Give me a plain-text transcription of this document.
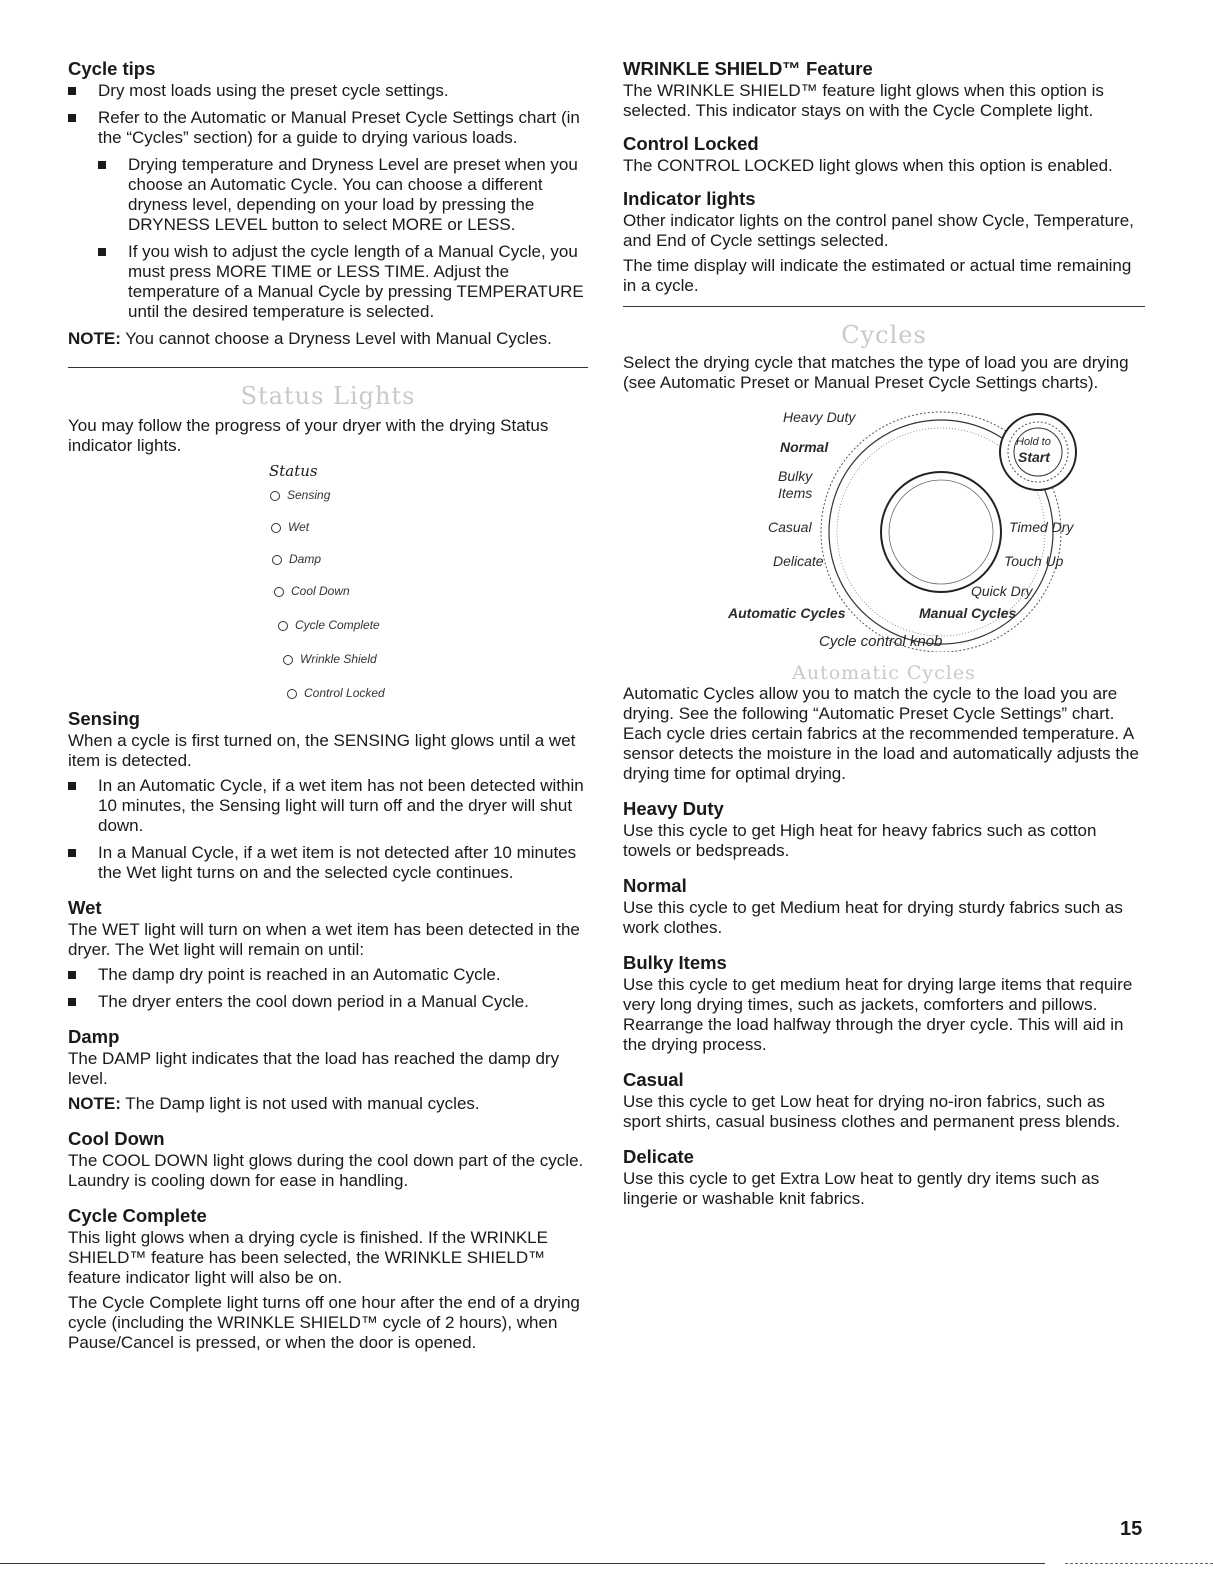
Cycle tips
Dry most loads using the preset cycle settings.
Refer to the Automatic or Manual Preset Cycle Settings chart (in the “Cycles” section) for a guide to drying various loads.
Drying temperature and Dryness Level are preset when you choose an Automatic Cycle. You can choose a different dryness level, depending on your load by pressing the DRYNESS LEVEL button to select MORE or LESS.
If you wish to adjust the cycle length of a Manual Cycle, you must press MORE TIME or LESS TIME. Adjust the temperature of a Manual Cycle by pressing TEMPERATURE until the desired temperature is selected.

NOTE: You cannot choose a Dryness Level with Manual Cycles.

Status Lights

You may follow the progress of your dryer with the drying Status indicator lights.

Status
Sensing
Wet
Damp
Cool Down
Cycle Complete
Wrinkle Shield
Control Locked
Sensing

When a cycle is first turned on, the SENSING light glows until a wet item is detected.

In an Automatic Cycle, if a wet item has not been detected within 10 minutes, the Sensing light will turn off and the dryer will shut down.
In a Manual Cycle, if a wet item is not detected after 10 minutes the Wet light turns on and the selected cycle continues.
Wet

The WET light will turn on when a wet item has been detected in the dryer. The Wet light will remain on until:

The damp dry point is reached in an Automatic Cycle.
The dryer enters the cool down period in a Manual Cycle.
Damp

The DAMP light indicates that the load has reached the damp dry level.

NOTE: The Damp light is not used with manual cycles.

Cool Down

The COOL DOWN light glows during the cool down part of the cycle. Laundry is cooling down for ease in handling.

Cycle Complete

This light glows when a drying cycle is finished. If the WRINKLE SHIELD™ feature has been selected, the WRINKLE SHIELD™ feature indicator light will also be on.

The Cycle Complete light turns off one hour after the end of a drying cycle (including the WRINKLE SHIELD™ cycle of 2 hours), when Pause/Cancel is pressed, or when the door is opened.

WRINKLE SHIELD™ Feature

The WRINKLE SHIELD™ feature light glows when this option is selected. This indicator stays on with the Cycle Complete light.

Control Locked

The CONTROL LOCKED light glows when this option is enabled.

Indicator lights

Other indicator lights on the control panel show Cycle, Temperature, and End of Cycle settings selected.

The time display will indicate the estimated or actual time remaining in a cycle.

Cycles

Select the drying cycle that matches the type of load you are drying (see Automatic Preset or Manual Preset Cycle Settings charts).

Heavy Duty
Normal
Bulky
Items
Casual
Delicate
Hold to
Start
Timed Dry
Touch Up
Quick Dry
Automatic Cycles	Manual Cycles
Cycle control knob
Automatic Cycles

Automatic Cycles allow you to match the cycle to the load you are drying. See the following “Automatic Preset Cycle Settings” chart. Each cycle dries certain fabrics at the recommended temperature. A sensor detects the moisture in the load and automatically adjusts the drying time for optimal drying.

Heavy Duty

Use this cycle to get High heat for heavy fabrics such as cotton towels or bedspreads.

Normal

Use this cycle to get Medium heat for drying sturdy fabrics such as work clothes.

Bulky Items

Use this cycle to get medium heat for drying large items that require very long drying times, such as jackets, comforters and pillows. Rearrange the load halfway through the dryer cycle. This will aid in the drying process.

Casual

Use this cycle to get Low heat for drying no-iron fabrics, such as sport shirts, casual business clothes and permanent press blends.

Delicate

Use this cycle to get Extra Low heat to gently dry items such as lingerie or washable knit fabrics.

15
